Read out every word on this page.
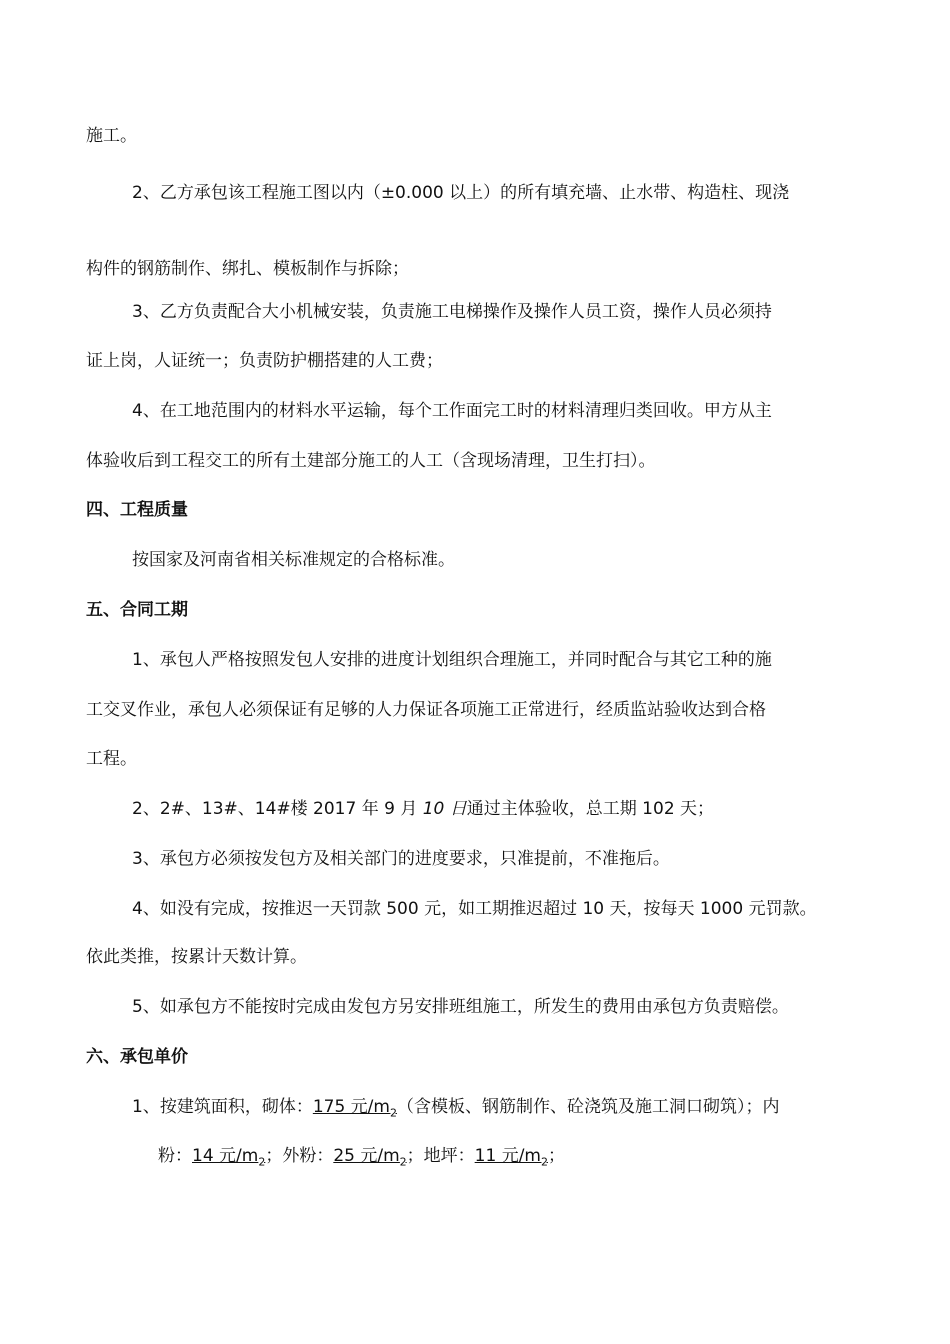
施工。
2、乙方承包该工程施工图以内（±0.000 以上）的所有填充墙、止水带、构造柱、现浇
构件的钢筋制作、绑扎、模板制作与拆除；
3、乙方负责配合大小机械安装，负责施工电梯操作及操作人员工资，操作人员必须持
证上岗，人证统一；负责防护棚搭建的人工费；
4、在工地范围内的材料水平运输，每个工作面完工时的材料清理归类回收。甲方从主
体验收后到工程交工的所有土建部分施工的人工（含现场清理，卫生打扫）。
四、工程质量
按国家及河南省相关标准规定的合格标准。
五、合同工期
1、承包人严格按照发包人安排的进度计划组织合理施工，并同时配合与其它工种的施
工交叉作业，承包人必须保证有足够的人力保证各项施工正常进行，经质监站验收达到合格
工程。
2、2#、13#、14#楼 2017 年 9 月 10 日通过主体验收，总工期 102 天；
3、承包方必须按发包方及相关部门的进度要求，只准提前，不准拖后。
4、如没有完成，按推迟一天罚款 500 元，如工期推迟超过 10 天，按每天 1000 元罚款。
依此类推，按累计天数计算。
5、如承包方不能按时完成由发包方另安排班组施工，所发生的费用由承包方负责赔偿。
六、承包单价
1、按建筑面积，砌体：175 元$/m_2$（含模板、钢筋制作、砼浇筑及施工洞口砌筑）；内
粉：14 元$/m_2$；外粉：25 元$/m_2$；地坪：11 元$/m_2$；
